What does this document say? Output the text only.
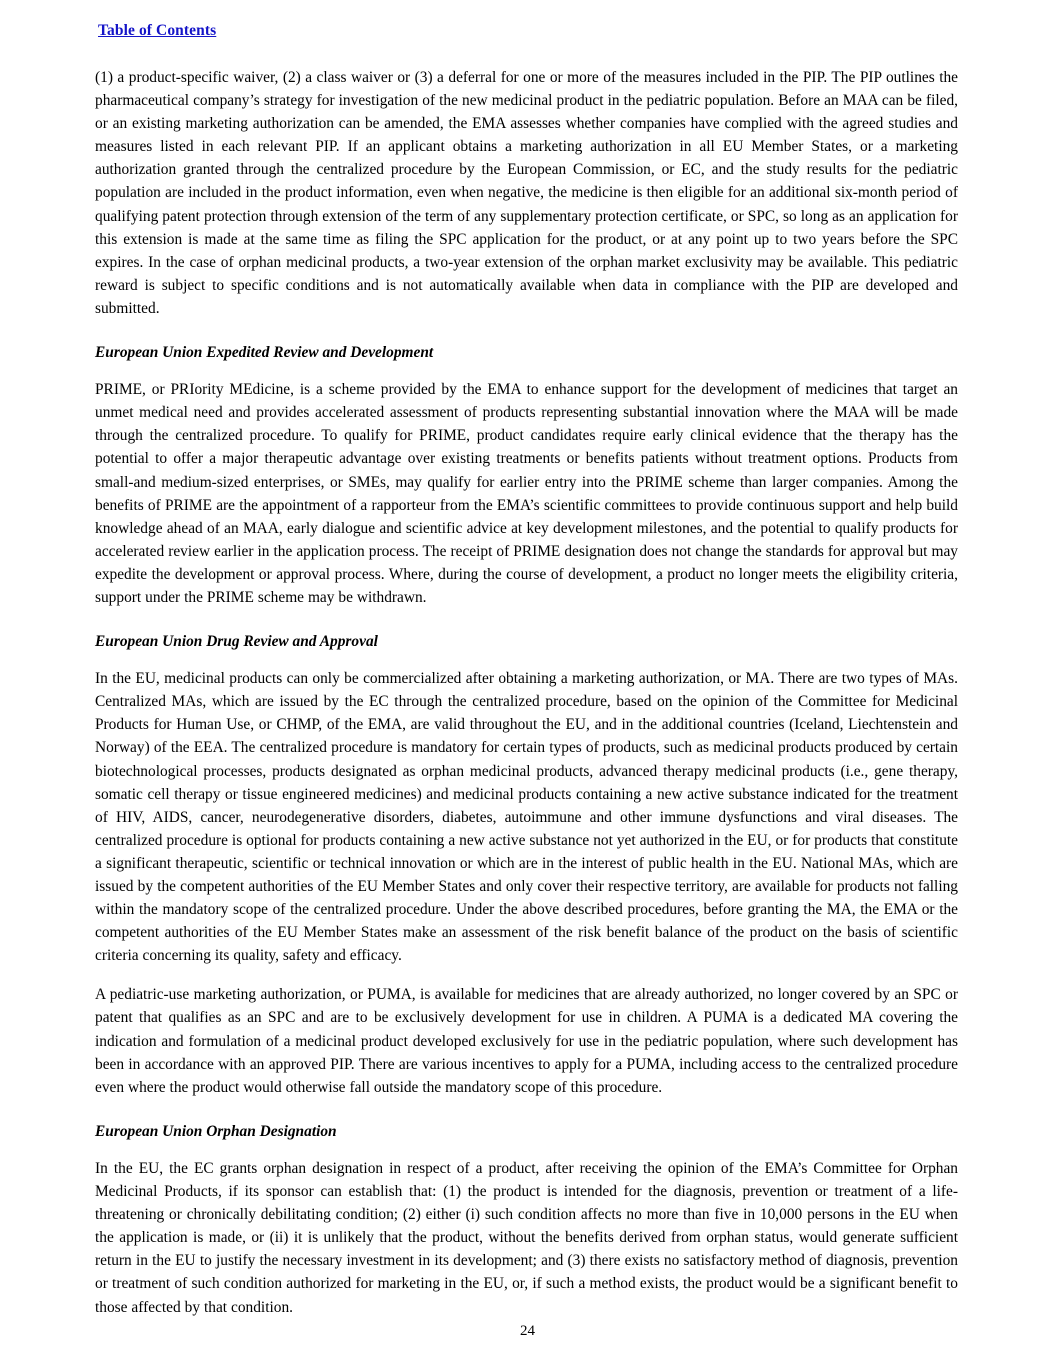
Table of Contents

(1) a product-specific waiver, (2) a class waiver or (3) a deferral for one or more of the measures included in the PIP. The PIP outlines the pharmaceutical company’s strategy for investigation of the new medicinal product in the pediatric population. Before an MAA can be filed, or an existing marketing authorization can be amended, the EMA assesses whether companies have complied with the agreed studies and measures listed in each relevant PIP. If an applicant obtains a marketing authorization in all EU Member States, or a marketing authorization granted through the centralized procedure by the European Commission, or EC, and the study results for the pediatric population are included in the product information, even when negative, the medicine is then eligible for an additional six-month period of qualifying patent protection through extension of the term of any supplementary protection certificate, or SPC, so long as an application for this extension is made at the same time as filing the SPC application for the product, or at any point up to two years before the SPC expires. In the case of orphan medicinal products, a two-year extension of the orphan market exclusivity may be available. This pediatric reward is subject to specific conditions and is not automatically available when data in compliance with the PIP are developed and submitted.

European Union Expedited Review and Development

PRIME, or PRIority MEdicine, is a scheme provided by the EMA to enhance support for the development of medicines that target an unmet medical need and provides accelerated assessment of products representing substantial innovation where the MAA will be made through the centralized procedure. To qualify for PRIME, product candidates require early clinical evidence that the therapy has the potential to offer a major therapeutic advantage over existing treatments or benefits patients without treatment options. Products from small-and medium-sized enterprises, or SMEs, may qualify for earlier entry into the PRIME scheme than larger companies. Among the benefits of PRIME are the appointment of a rapporteur from the EMA’s scientific committees to provide continuous support and help build knowledge ahead of an MAA, early dialogue and scientific advice at key development milestones, and the potential to qualify products for accelerated review earlier in the application process. The receipt of PRIME designation does not change the standards for approval but may expedite the development or approval process. Where, during the course of development, a product no longer meets the eligibility criteria, support under the PRIME scheme may be withdrawn.

European Union Drug Review and Approval

In the EU, medicinal products can only be commercialized after obtaining a marketing authorization, or MA. There are two types of MAs. Centralized MAs, which are issued by the EC through the centralized procedure, based on the opinion of the Committee for Medicinal Products for Human Use, or CHMP, of the EMA, are valid throughout the EU, and in the additional countries (Iceland, Liechtenstein and Norway) of the EEA. The centralized procedure is mandatory for certain types of products, such as medicinal products produced by certain biotechnological processes, products designated as orphan medicinal products, advanced therapy medicinal products (i.e., gene therapy, somatic cell therapy or tissue engineered medicines) and medicinal products containing a new active substance indicated for the treatment of HIV, AIDS, cancer, neurodegenerative disorders, diabetes, autoimmune and other immune dysfunctions and viral diseases. The centralized procedure is optional for products containing a new active substance not yet authorized in the EU, or for products that constitute a significant therapeutic, scientific or technical innovation or which are in the interest of public health in the EU. National MAs, which are issued by the competent authorities of the EU Member States and only cover their respective territory, are available for products not falling within the mandatory scope of the centralized procedure. Under the above described procedures, before granting the MA, the EMA or the competent authorities of the EU Member States make an assessment of the risk benefit balance of the product on the basis of scientific criteria concerning its quality, safety and efficacy.

A pediatric-use marketing authorization, or PUMA, is available for medicines that are already authorized, no longer covered by an SPC or patent that qualifies as an SPC and are to be exclusively development for use in children. A PUMA is a dedicated MA covering the indication and formulation of a medicinal product developed exclusively for use in the pediatric population, where such development has been in accordance with an approved PIP. There are various incentives to apply for a PUMA, including access to the centralized procedure even where the product would otherwise fall outside the mandatory scope of this procedure.

European Union Orphan Designation

In the EU, the EC grants orphan designation in respect of a product, after receiving the opinion of the EMA’s Committee for Orphan Medicinal Products, if its sponsor can establish that: (1) the product is intended for the diagnosis, prevention or treatment of a life-threatening or chronically debilitating condition; (2) either (i) such condition affects no more than five in 10,000 persons in the EU when the application is made, or (ii) it is unlikely that the product, without the benefits derived from orphan status, would generate sufficient return in the EU to justify the necessary investment in its development; and (3) there exists no satisfactory method of diagnosis, prevention or treatment of such condition authorized for marketing in the EU, or, if such a method exists, the product would be a significant benefit to those affected by that condition.

24
